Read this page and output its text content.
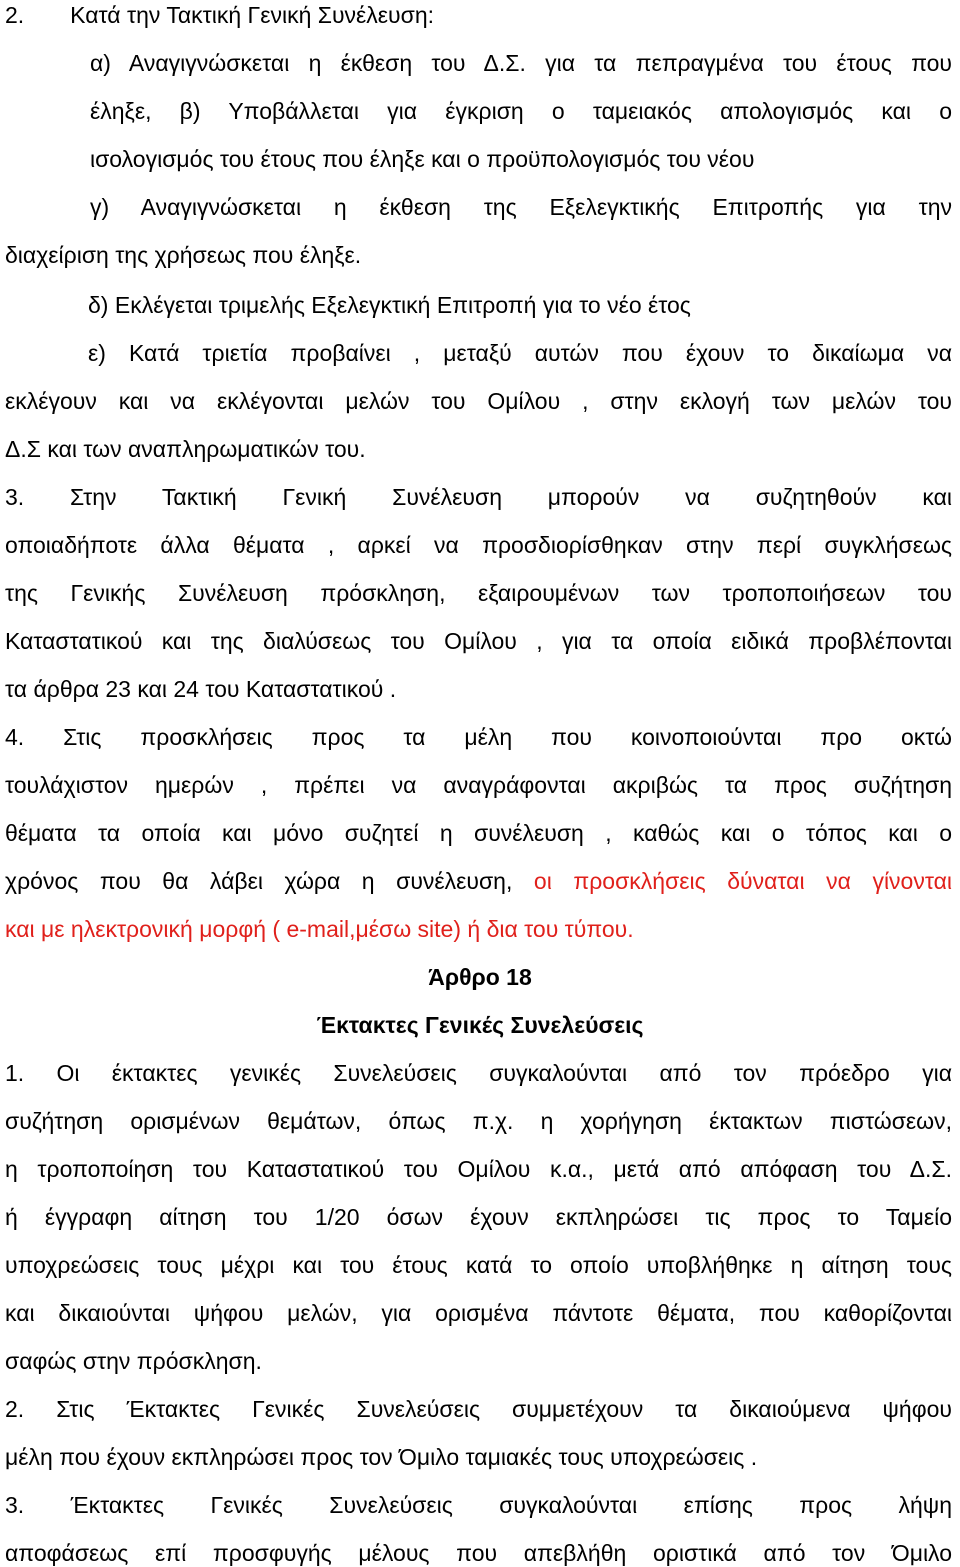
2.  Κατά την Τακτική Γενική Συνέλευση:
α) Αναγιγνώσκεται η έκθεση του Δ.Σ. για τα πεπραγμένα του έτους που
έληξε, β) Υποβάλλεται για έγκριση ο ταμειακός απολογισμός και ο
ισολογισμός του έτους που έληξε και ο προϋπολογισμός του νέου
γ) Αναγιγνώσκεται η έκθεση της Εξελεγκτικής Επιτροπής για την
διαχείριση της χρήσεως που έληξε.
δ) Εκλέγεται τριμελής Εξελεγκτική Επιτροπή για το νέο έτος
ε) Κατά τριετία προβαίνει , μεταξύ αυτών που έχουν το δικαίωμα να
εκλέγουν και να εκλέγονται μελών του Ομίλου , στην εκλογή των μελών του
Δ.Σ και των αναπληρωματικών του.
3. Στην Τακτική Γενική Συνέλευση μπορούν να συζητηθούν και
οποιαδήποτε άλλα θέματα , αρκεί να προσδιορίσθηκαν στην περί συγκλήσεως
της Γενικής Συνέλευση πρόσκληση, εξαιρουμένων των τροποποιήσεων του
Καταστατικού και της διαλύσεως του Ομίλου , για τα οποία ειδικά προβλέπονται
τα άρθρα 23 και 24 του Καταστατικού .
4. Στις προσκλήσεις προς τα μέλη που κοινοποιούνται προ οκτώ
τουλάχιστον ημερών , πρέπει να αναγράφονται ακριβώς τα προς συζήτηση
θέματα τα οποία και μόνο συζητεί η συνέλευση , καθώς και ο τόπος και ο
χρόνος που θα λάβει χώρα η συνέλευση, οι προσκλήσεις δύναται να γίνονται
και με ηλεκτρονική μορφή ( e-mail,μέσω site) ή δια του τύπου.
Άρθρο 18
Έκτακτες Γενικές Συνελεύσεις
1. Οι έκτακτες γενικές Συνελεύσεις συγκαλούνται από τον πρόεδρο για
συζήτηση ορισμένων θεμάτων, όπως π.χ. η χορήγηση έκτακτων πιστώσεων,
η τροποποίηση του Καταστατικού του Ομίλου κ.α., μετά από απόφαση του Δ.Σ.
ή έγγραφη αίτηση του 1/20 όσων έχουν εκπληρώσει τις προς το Ταμείο
υποχρεώσεις τους μέχρι και του έτους κατά το οποίο υποβλήθηκε η αίτηση τους
και δικαιούνται ψήφου μελών, για ορισμένα πάντοτε θέματα, που καθορίζονται
σαφώς στην πρόσκληση.
2. Στις Έκτακτες Γενικές Συνελεύσεις συμμετέχουν τα δικαιούμενα ψήφου
μέλη που έχουν εκπληρώσει προς τον Όμιλο ταμιακές τους υποχρεώσεις .
3. Έκτακτες Γενικές Συνελεύσεις συγκαλούνται επίσης προς λήψη
αποφάσεως επί προσφυγής μέλους που απεβλήθη οριστικά από τον Όμιλο
